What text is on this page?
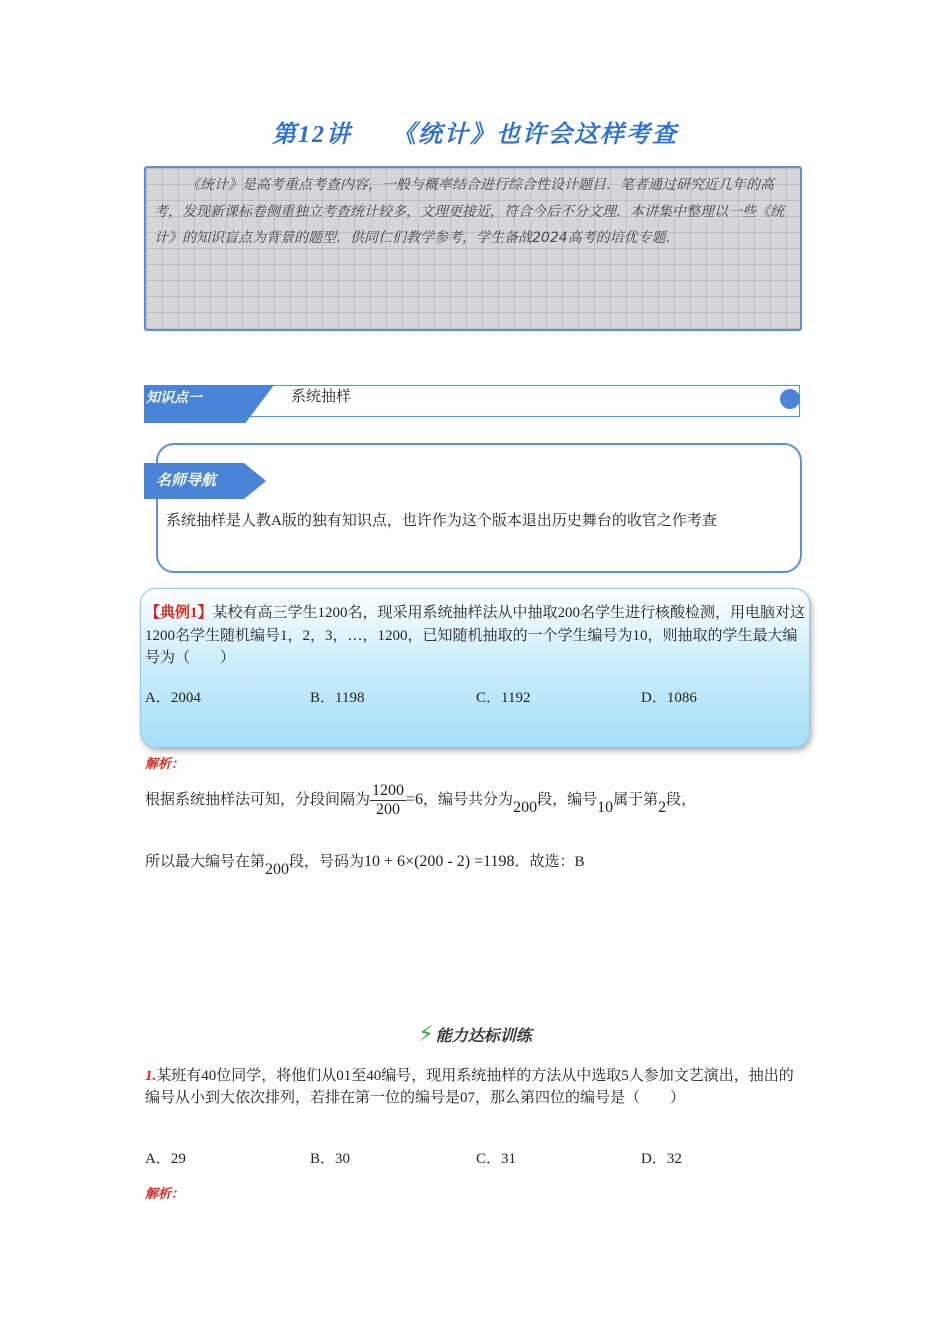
第12讲　　《统计》也许会这样考查
《统计》是高考重点考查内容，一般与概率结合进行综合性设计题目．笔者通过研究近几年的高考，发现新课标卷侧重独立考查统计较多，文理更接近，符合今后不分文理．本讲集中整理以一些《统计》的知识盲点为背景的题型．供同仁们教学参考，学生备战2024高考的培优专题．
知识点一	系统抽样
名师导航
系统抽样是人教A版的独有知识点，也许作为这个版本退出历史舞台的收官之作考查
【典例1】某校有高三学生1200名，现采用系统抽样法从中抽取200名学生进行核酸检测，用电脑对这1200名学生随机编号1，2，3，…，1200，已知随机抽取的一个学生编号为10，则抽取的学生最大编号为（　　）
A．2004	B．1198	C．1192	D．1086
解析：
根据系统抽样法可知，分段间隔为 $\frac{1200}{200} =6$，编号共分为200段，编号10属于第2段，
所以最大编号在第200段，号码为10 + 6×(200 - 2) =1198．故选：B
⚡ 能力达标训练
1.某班有40位同学，将他们从01至40编号，现用系统抽样的方法从中选取5人参加文艺演出，抽出的编号从小到大依次排列，若排在第一位的编号是07，那么第四位的编号是（　　）
A．29	B．30	C．31	D．32
解析：
